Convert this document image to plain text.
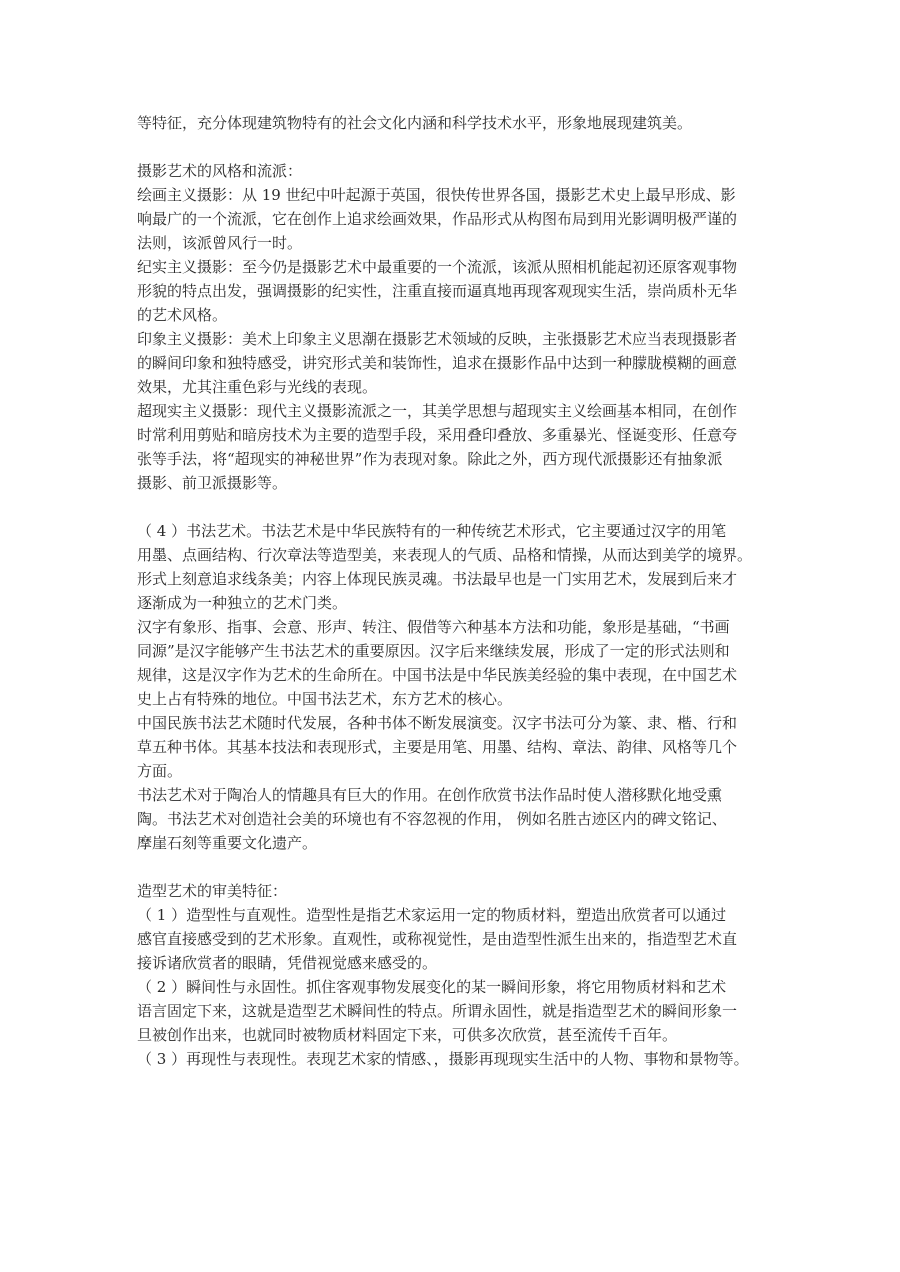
等特征，充分体现建筑物特有的社会文化内涵和科学技术水平，形象地展现建筑美。
摄影艺术的风格和流派：
绘画主义摄影：从 19 世纪中叶起源于英国，很快传世界各国，摄影艺术史上最早形成、影
响最广的一个流派，它在创作上追求绘画效果，作品形式从构图布局到用光影调明极严谨的
法则，该派曾风行一时。
纪实主义摄影：至今仍是摄影艺术中最重要的一个流派，该派从照相机能起初还原客观事物
形貌的特点出发，强调摄影的纪实性，注重直接而逼真地再现客观现实生活，崇尚质朴无华
的艺术风格。
印象主义摄影：美术上印象主义思潮在摄影艺术领域的反映，主张摄影艺术应当表现摄影者
的瞬间印象和独特感受，讲究形式美和装饰性，追求在摄影作品中达到一种朦胧模糊的画意
效果，尤其注重色彩与光线的表现。
超现实主义摄影：现代主义摄影流派之一，其美学思想与超现实主义绘画基本相同，在创作
时常利用剪贴和暗房技术为主要的造型手段，采用叠印叠放、多重暴光、怪诞变形、任意夸
张等手法，将“超现实的神秘世界”作为表现对象。除此之外，西方现代派摄影还有抽象派
摄影、前卫派摄影等。
（ 4 ）书法艺术。书法艺术是中华民族特有的一种传统艺术形式，它主要通过汉字的用笔
用墨、点画结构、行次章法等造型美，来表现人的气质、品格和情操，从而达到美学的境界。
形式上刻意追求线条美；内容上体现民族灵魂。书法最早也是一门实用艺术，发展到后来才
逐渐成为一种独立的艺术门类。
汉字有象形、指事、会意、形声、转注、假借等六种基本方法和功能，象形是基础，“书画
同源”是汉字能够产生书法艺术的重要原因。汉字后来继续发展，形成了一定的形式法则和
规律，这是汉字作为艺术的生命所在。中国书法是中华民族美经验的集中表现，在中国艺术
史上占有特殊的地位。中国书法艺术，东方艺术的核心。
中国民族书法艺术随时代发展，各种书体不断发展演变。汉字书法可分为篆、隶、楷、行和
草五种书体。其基本技法和表现形式，主要是用笔、用墨、结构、章法、韵律、风格等几个
方面。
书法艺术对于陶冶人的情趣具有巨大的作用。在创作欣赏书法作品时使人潜移默化地受熏
陶。书法艺术对创造社会美的环境也有不容忽视的作用， 例如名胜古迹区内的碑文铭记、
摩崖石刻等重要文化遗产。
造型艺术的审美特征：
（ 1 ）造型性与直观性。造型性是指艺术家运用一定的物质材料，塑造出欣赏者可以通过
感官直接感受到的艺术形象。直观性，或称视觉性，是由造型性派生出来的，指造型艺术直
接诉诸欣赏者的眼睛，凭借视觉感来感受的。
（ 2 ）瞬间性与永固性。抓住客观事物发展变化的某一瞬间形象，将它用物质材料和艺术
语言固定下来，这就是造型艺术瞬间性的特点。所谓永固性，就是指造型艺术的瞬间形象一
旦被创作出来，也就同时被物质材料固定下来，可供多次欣赏，甚至流传千百年。
（ 3 ）再现性与表现性。表现艺术家的情感、，摄影再现现实生活中的人物、事物和景物等。
